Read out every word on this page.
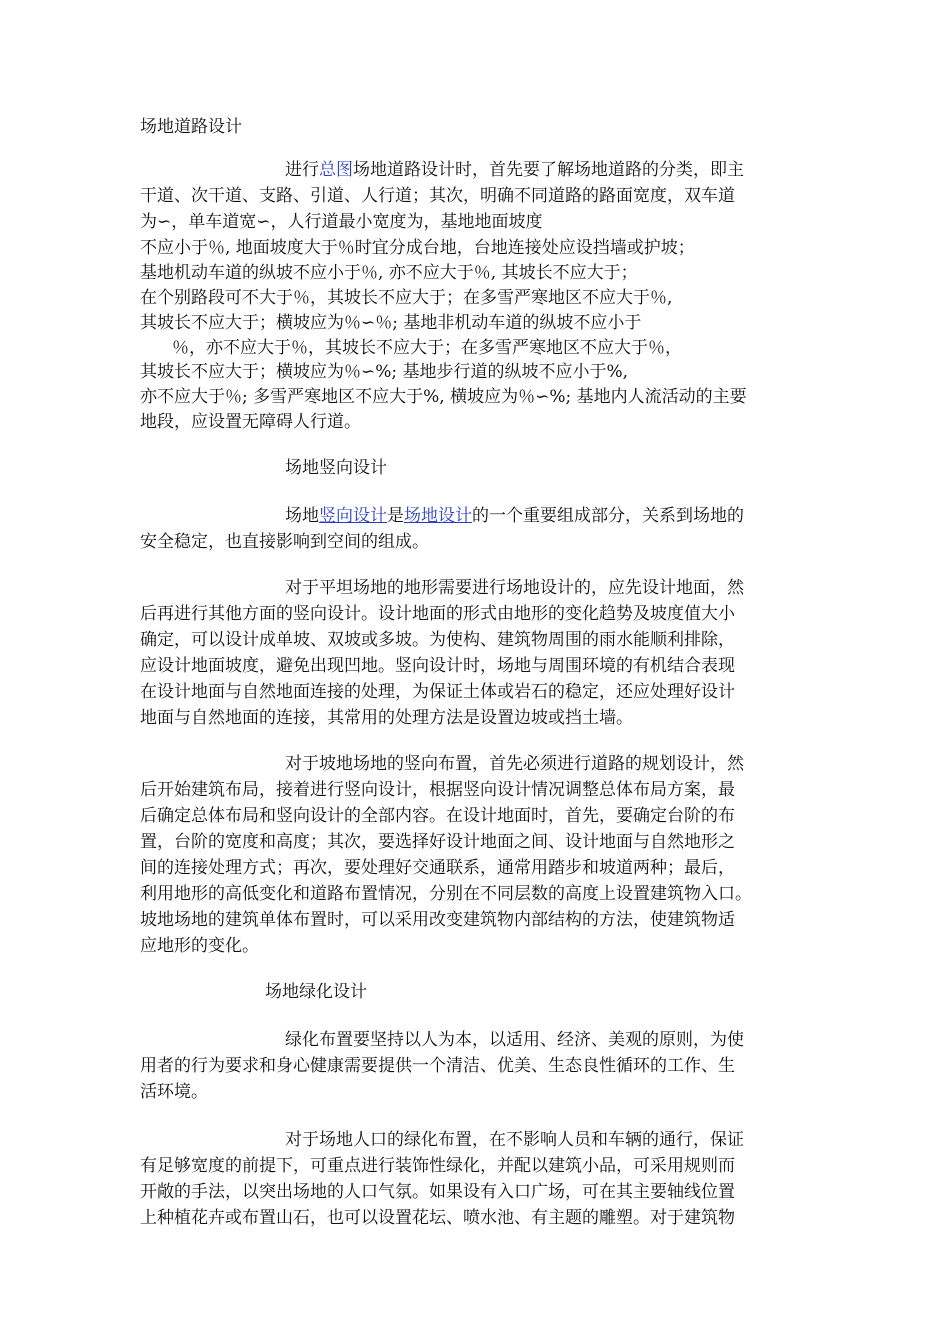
场地道路设计
进行总图场地道路设计时，首先要了解场地道路的分类，即主
干道、次干道、支路、引道、人行道；其次，明确不同道路的路面宽度，双车道
为∽，单车道宽∽，人行道最小宽度为，基地地面坡度
不应小于％, 地面坡度大于％时宜分成台地，台地连接处应设挡墙或护坡；
基地机动车道的纵坡不应小于％, 亦不应大于％, 其坡长不应大于；
在个别路段可不大于％，其坡长不应大于；在多雪严寒地区不应大于％,
其坡长不应大于；横坡应为％∽％; 基地非机动车道的纵坡不应小于
％，亦不应大于％，其坡长不应大于；在多雪严寒地区不应大于％，
其坡长不应大于；横坡应为％∽%; 基地步行道的纵坡不应小于%,
亦不应大于％; 多雪严寒地区不应大于%, 横坡应为％∽%; 基地内人流活动的主要
地段，应设置无障碍人行道。
场地竖向设计
场地竖向设计是场地设计的一个重要组成部分，关系到场地的
安全稳定，也直接影响到空间的组成。
对于平坦场地的地形需要进行场地设计的，应先设计地面，然
后再进行其他方面的竖向设计。设计地面的形式由地形的变化趋势及坡度值大小
确定，可以设计成单坡、双坡或多坡。为使构、建筑物周围的雨水能顺利排除，
应设计地面坡度，避免出现凹地。竖向设计时，场地与周围环境的有机结合表现
在设计地面与自然地面连接的处理，为保证土体或岩石的稳定，还应处理好设计
地面与自然地面的连接，其常用的处理方法是设置边坡或挡土墙。
对于坡地场地的竖向布置，首先必须进行道路的规划设计，然
后开始建筑布局，接着进行竖向设计，根据竖向设计情况调整总体布局方案，最
后确定总体布局和竖向设计的全部内容。在设计地面时，首先，要确定台阶的布
置，台阶的宽度和高度；其次，要选择好设计地面之间、设计地面与自然地形之
间的连接处理方式；再次，要处理好交通联系，通常用踏步和坡道两种；最后，
利用地形的高低变化和道路布置情况，分别在不同层数的高度上设置建筑物入口。
坡地场地的建筑单体布置时，可以采用改变建筑物内部结构的方法，使建筑物适
应地形的变化。
场地绿化设计
绿化布置要坚持以人为本，以适用、经济、美观的原则，为使
用者的行为要求和身心健康需要提供一个清洁、优美、生态良性循环的工作、生
活环境。
对于场地人口的绿化布置，在不影响人员和车辆的通行，保证
有足够宽度的前提下，可重点进行装饰性绿化，并配以建筑小品，可采用规则而
开敞的手法，以突出场地的人口气氛。如果设有入口广场，可在其主要轴线位置
上种植花卉或布置山石，也可以设置花坛、喷水池、有主题的雕塑。对于建筑物
